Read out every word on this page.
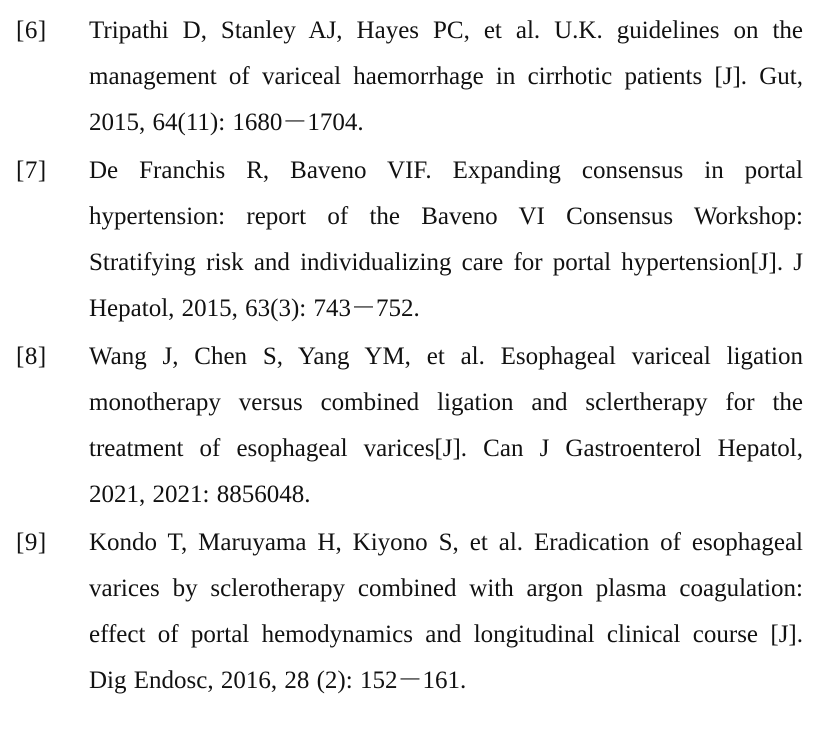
[6]	Tripathi D, Stanley AJ, Hayes PC, et al. U.K. guidelines on the management of variceal haemorrhage in cirrhotic patients [J]. Gut, 2015, 64(11): 1680－1704.
[7]	De Franchis R, Baveno VIF. Expanding consensus in portal hypertension: report of the Baveno VI Consensus Workshop: Stratifying risk and individualizing care for portal hypertension[J]. J Hepatol, 2015, 63(3): 743－752.
[8]	Wang J, Chen S, Yang YM, et al. Esophageal variceal ligation monotherapy versus combined ligation and sclertherapy for the treatment of esophageal varices[J]. Can J Gastroenterol Hepatol, 2021, 2021: 8856048.
[9]	Kondo T, Maruyama H, Kiyono S, et al. Eradication of esophageal varices by sclerotherapy combined with argon plasma coagulation: effect of portal hemodynamics and longitudinal clinical course [J]. Dig Endosc, 2016, 28 (2): 152－161.
